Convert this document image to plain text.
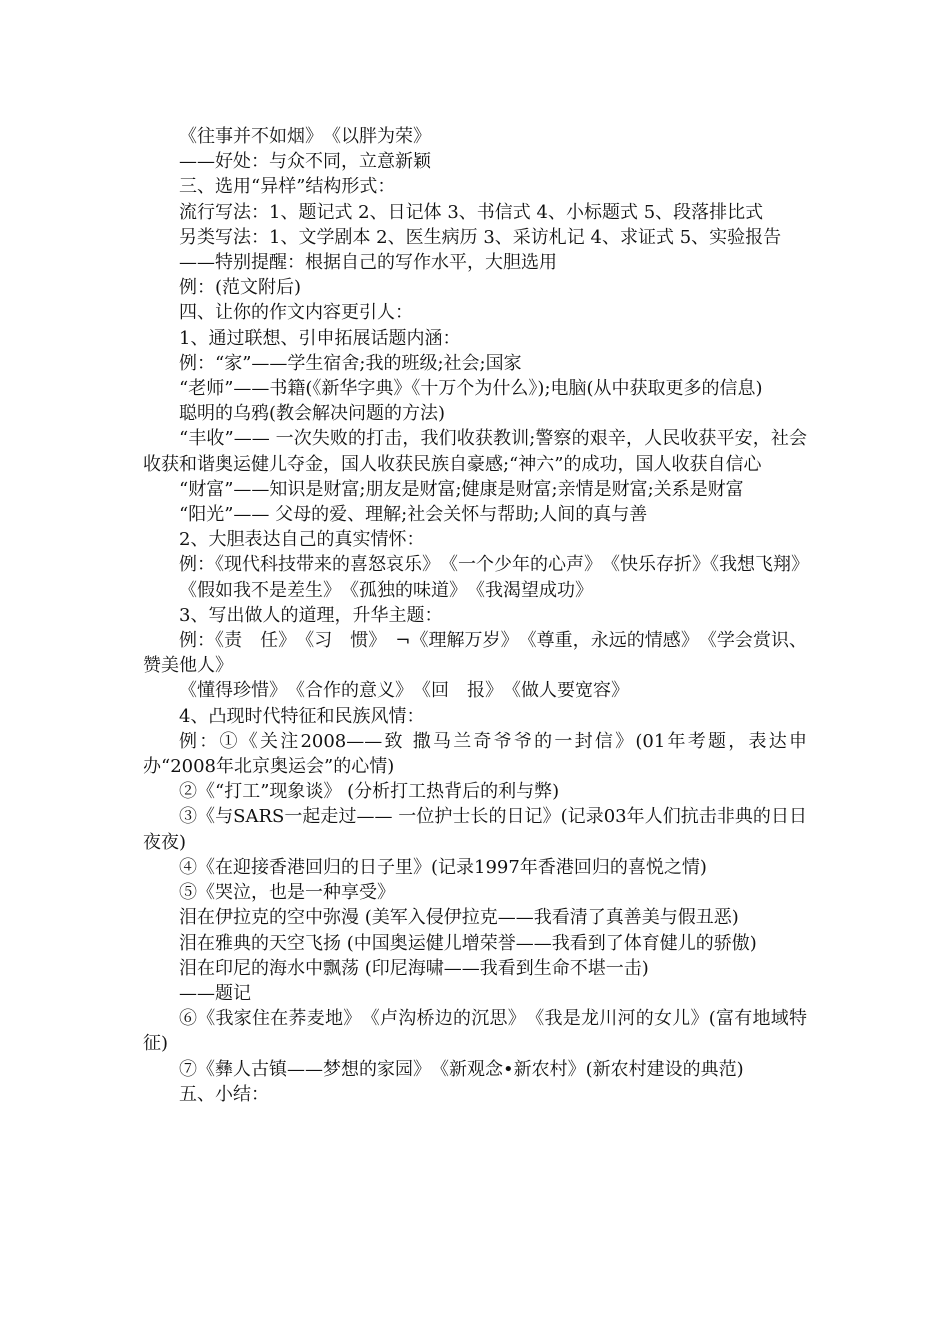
《往事并不如烟》　《以胖为荣》

——好处：与众不同，立意新颖

三、选用“异样”结构形式：

流行写法：1、题记式 2、日记体 3、书信式 4、小标题式 5、段落排比式

另类写法：1、文学剧本 2、医生病历 3、采访札记 4、求证式 5、实验报告

——特别提醒：根据自己的写作水平，大胆选用

例：(范文附后)

四、让你的作文内容更引人：

1、通过联想、引申拓展话题内涵：

例：“家”——学生宿舍;我的班级;社会;国家

“老师”——书籍(《新华字典》《十万个为什么》);电脑(从中获取更多的信息)

聪明的乌鸦(教会解决问题的方法)

“丰收”—— 一次失败的打击，我们收获教训;警察的艰辛，人民收获平安，社会收获和谐奥运健儿夺金，国人收获民族自豪感;“神六”的成功，国人收获自信心

“财富”——知识是财富;朋友是财富;健康是财富;亲情是财富;关系是财富

“阳光”—— 父母的爱、理解;社会关怀与帮助;人间的真与善

2、大胆表达自己的真实情怀：

例：《现代科技带来的喜怒哀乐》　《一个少年的心声》　《快乐存折》《我想飞翔》

《假如我不是差生》　《孤独的味道》　《我渴望成功》

3、写出做人的道理，升华主题：

例：《责　任》　《习　惯》　¬《理解万岁》　《尊重，永远的情感》　《学会赏识、赞美他人》

《懂得珍惜》　《合作的意义》　《回　报》　《做人要宽容》

4、凸现时代特征和民族风情：

例：①《关注2008——致 撒马兰奇爷爷的一封信》(01年考题，表达申办“2008年北京奥运会”的心情)

②《“打工”现象谈》 (分析打工热背后的利与弊)

③《与SARS一起走过—— 一位护士长的日记》(记录03年人们抗击非典的日日夜夜)

④《在迎接香港回归的日子里》(记录1997年香港回归的喜悦之情)

⑤《哭泣，也是一种享受》

泪在伊拉克的空中弥漫 (美军入侵伊拉克——我看清了真善美与假丑恶)

泪在雅典的天空飞扬 (中国奥运健儿增荣誉——我看到了体育健儿的骄傲)

泪在印尼的海水中飘荡 (印尼海啸——我看到生命不堪一击)

——题记

⑥《我家住在荞麦地》　《卢沟桥边的沉思》　《我是龙川河的女儿》(富有地域特征)

⑦《彝人古镇——梦想的家园》　《新观念•新农村》(新农村建设的典范)

五、小结：
